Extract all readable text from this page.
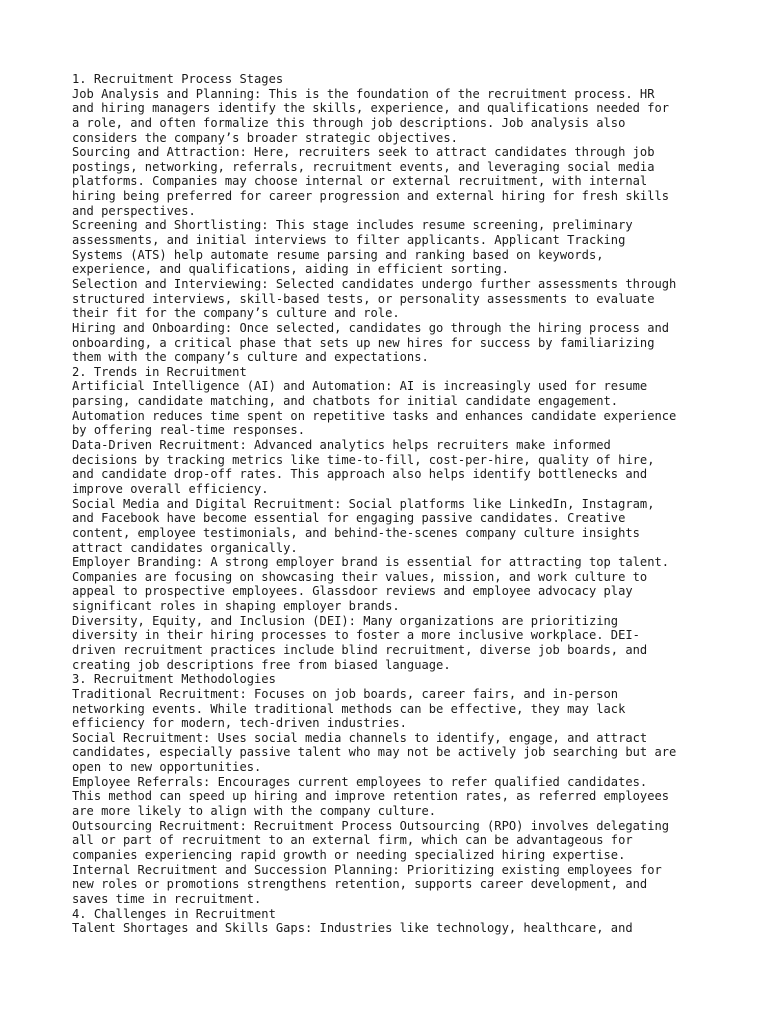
1. Recruitment Process Stages
Job Analysis and Planning: This is the foundation of the recruitment process. HR
and hiring managers identify the skills, experience, and qualifications needed for
a role, and often formalize this through job descriptions. Job analysis also
considers the company’s broader strategic objectives.
Sourcing and Attraction: Here, recruiters seek to attract candidates through job
postings, networking, referrals, recruitment events, and leveraging social media
platforms. Companies may choose internal or external recruitment, with internal
hiring being preferred for career progression and external hiring for fresh skills
and perspectives.
Screening and Shortlisting: This stage includes resume screening, preliminary
assessments, and initial interviews to filter applicants. Applicant Tracking
Systems (ATS) help automate resume parsing and ranking based on keywords,
experience, and qualifications, aiding in efficient sorting.
Selection and Interviewing: Selected candidates undergo further assessments through
structured interviews, skill-based tests, or personality assessments to evaluate
their fit for the company’s culture and role.
Hiring and Onboarding: Once selected, candidates go through the hiring process and
onboarding, a critical phase that sets up new hires for success by familiarizing
them with the company’s culture and expectations.
2. Trends in Recruitment
Artificial Intelligence (AI) and Automation: AI is increasingly used for resume
parsing, candidate matching, and chatbots for initial candidate engagement.
Automation reduces time spent on repetitive tasks and enhances candidate experience
by offering real-time responses.
Data-Driven Recruitment: Advanced analytics helps recruiters make informed
decisions by tracking metrics like time-to-fill, cost-per-hire, quality of hire,
and candidate drop-off rates. This approach also helps identify bottlenecks and
improve overall efficiency.
Social Media and Digital Recruitment: Social platforms like LinkedIn, Instagram,
and Facebook have become essential for engaging passive candidates. Creative
content, employee testimonials, and behind-the-scenes company culture insights
attract candidates organically.
Employer Branding: A strong employer brand is essential for attracting top talent.
Companies are focusing on showcasing their values, mission, and work culture to
appeal to prospective employees. Glassdoor reviews and employee advocacy play
significant roles in shaping employer brands.
Diversity, Equity, and Inclusion (DEI): Many organizations are prioritizing
diversity in their hiring processes to foster a more inclusive workplace. DEI-
driven recruitment practices include blind recruitment, diverse job boards, and
creating job descriptions free from biased language.
3. Recruitment Methodologies
Traditional Recruitment: Focuses on job boards, career fairs, and in-person
networking events. While traditional methods can be effective, they may lack
efficiency for modern, tech-driven industries.
Social Recruitment: Uses social media channels to identify, engage, and attract
candidates, especially passive talent who may not be actively job searching but are
open to new opportunities.
Employee Referrals: Encourages current employees to refer qualified candidates.
This method can speed up hiring and improve retention rates, as referred employees
are more likely to align with the company culture.
Outsourcing Recruitment: Recruitment Process Outsourcing (RPO) involves delegating
all or part of recruitment to an external firm, which can be advantageous for
companies experiencing rapid growth or needing specialized hiring expertise.
Internal Recruitment and Succession Planning: Prioritizing existing employees for
new roles or promotions strengthens retention, supports career development, and
saves time in recruitment.
4. Challenges in Recruitment
Talent Shortages and Skills Gaps: Industries like technology, healthcare, and
